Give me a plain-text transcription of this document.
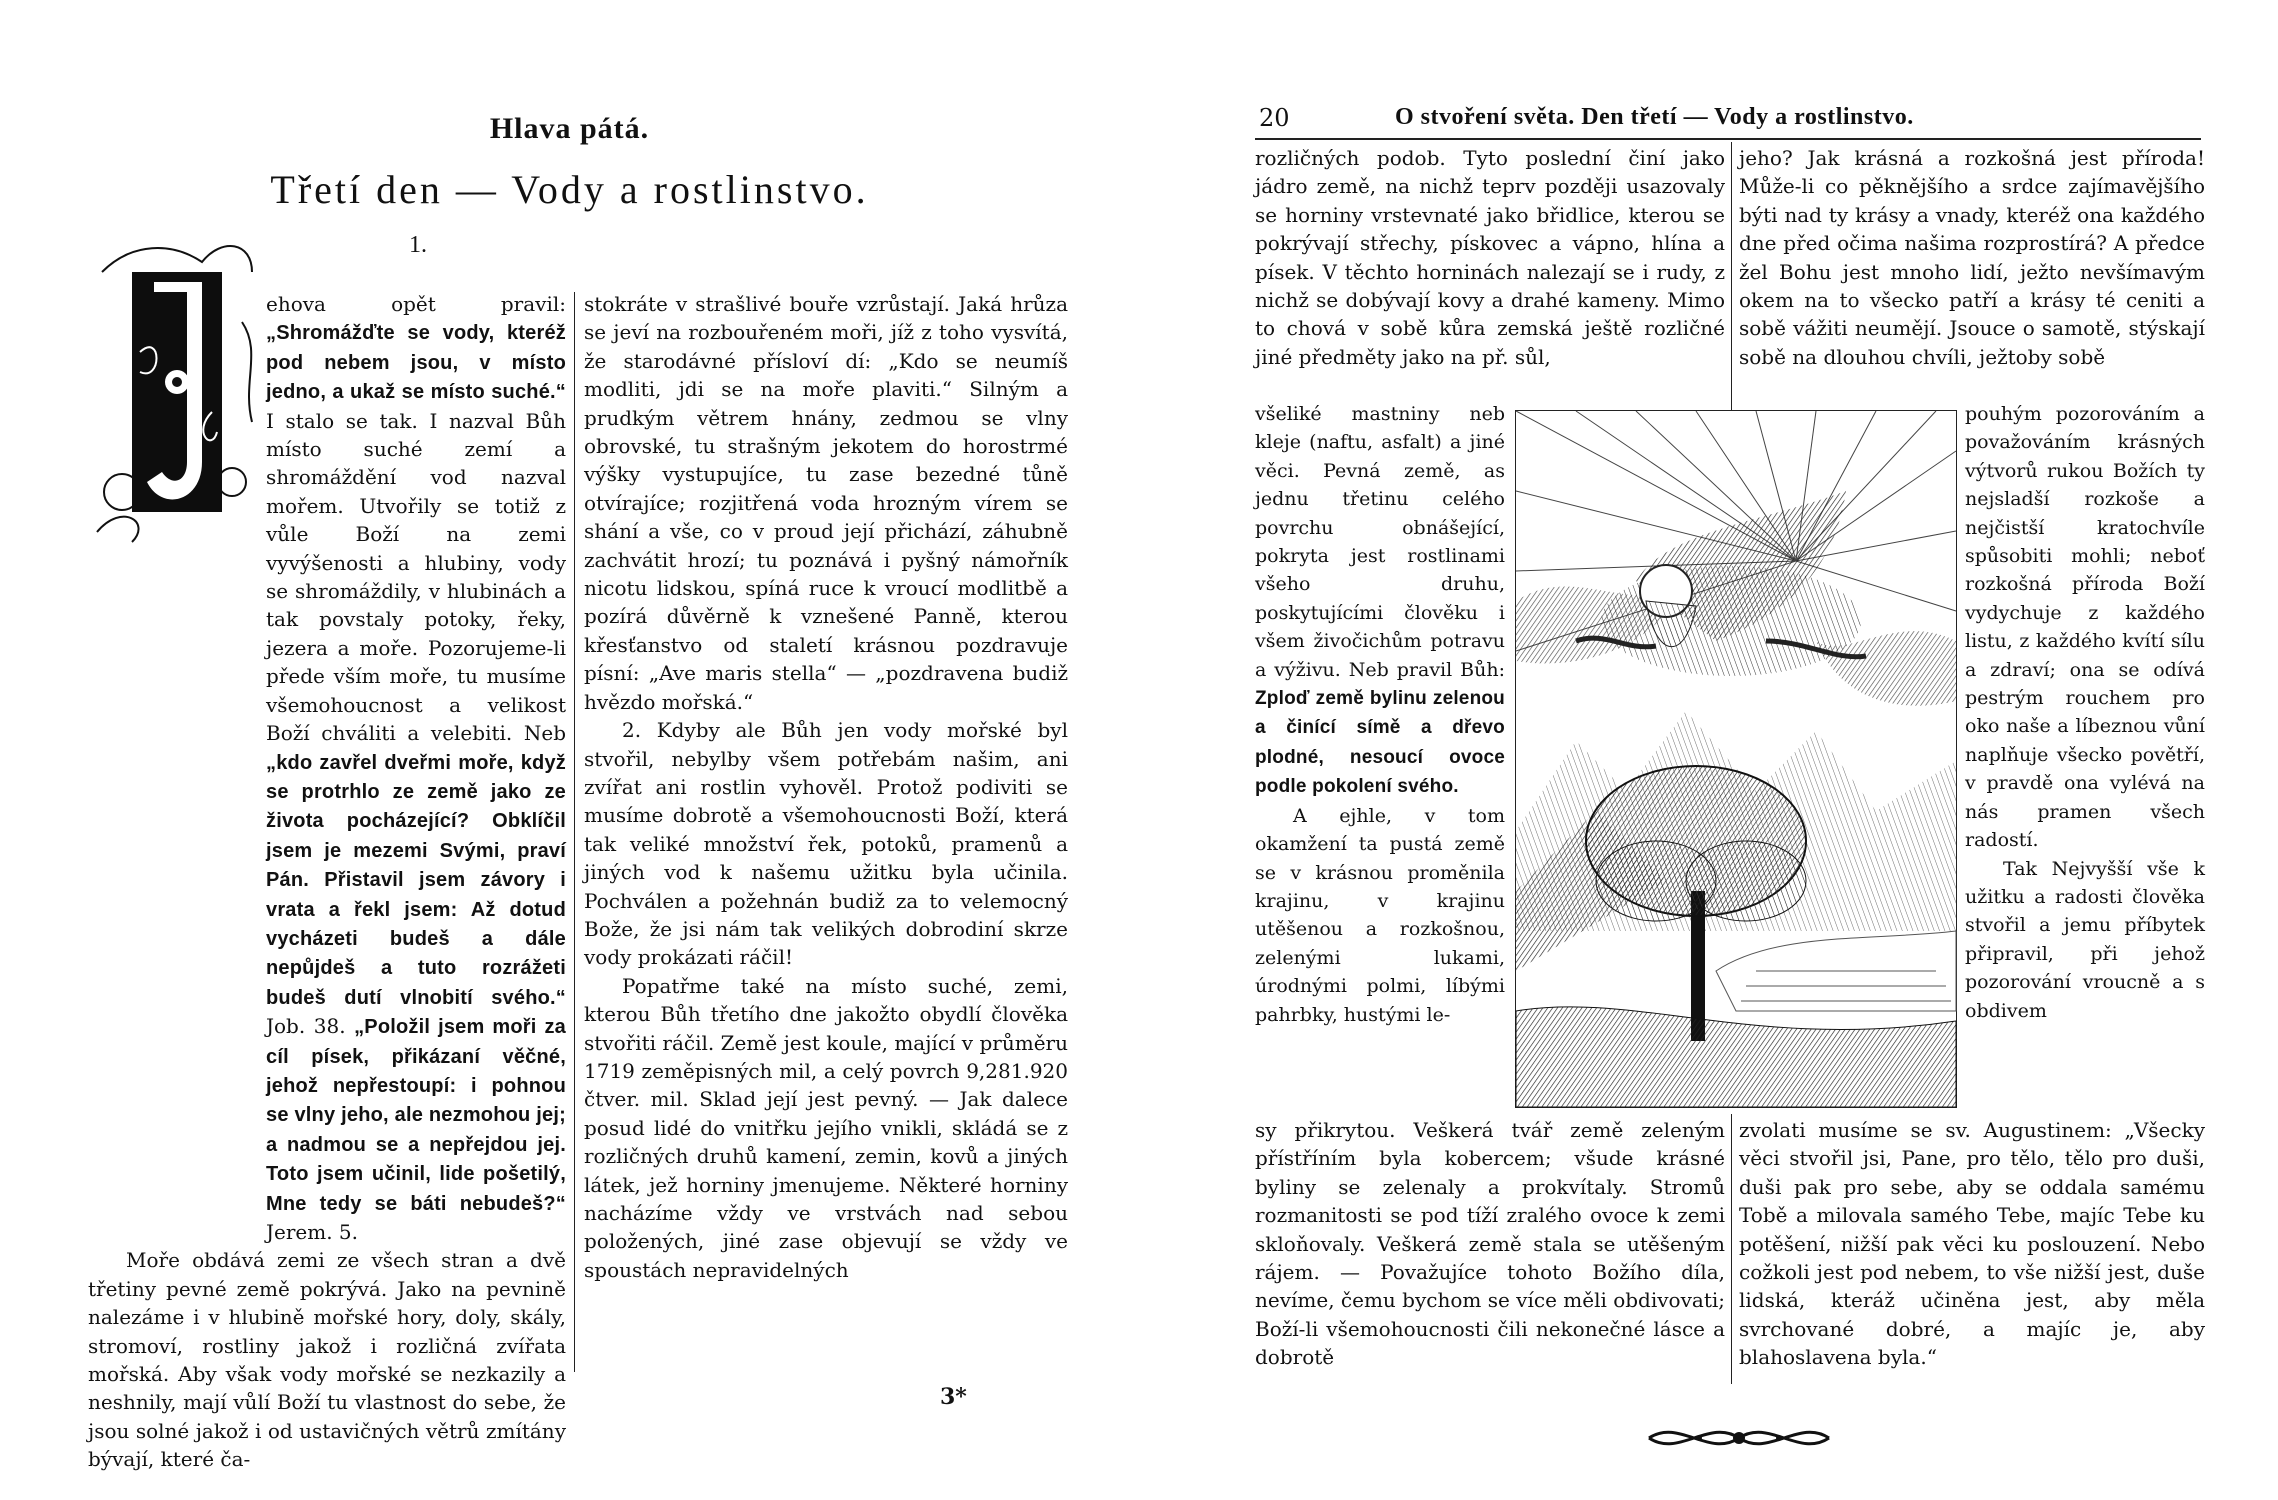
Hlava pátá.
Třetí den — Vody a rostlinstvo.
1.

ehova opět pravil: „Shromážďte se vody, kteréž pod nebem jsou, v místo jedno, a ukaž se místo suché.“ I stalo se tak. I nazval Bůh místo suché zemí a shromáždění vod nazval mořem. Utvořily se totiž z vůle Boží na zemi vyvýšenosti a hlubiny, vody se shromáždily, v hlubinách a tak povstaly potoky, řeky, jezera a moře. Pozorujeme-li přede vším moře, tu musíme všemohoucnost a velikost Boží chváliti a velebiti. Neb „kdo zavřel dveřmi moře, když se protrhlo ze země jako ze života pocházející? Obklíčil jsem je mezemi Svými, praví Pán. Přistavil jsem závory i vrata a řekl jsem: Až dotud vycházeti budeš a dále nepůjdeš a tuto rozrážeti budeš dutí vlnobití svého.“ Job. 38. „Položil jsem moři za cíl písek, přikázaní věčné, jehož nepřestoupí: i pohnou se vlny jeho, ale nezmohou jej; a nadmou se a nepřejdou jej. Toto jsem učinil, lide pošetilý, Mne tedy se báti nebudeš?“ Jerem. 5.

Moře obdává zemi ze všech stran a dvě třetiny pevné země pokrývá. Jako na pevnině nalezáme i v hlubině mořské hory, doly, skály, stromoví, rostliny jakož i rozličná zvířata mořská. Aby však vody mořské se nezkazily a neshnily, mají vůlí Boží tu vlastnost do sebe, že jsou solné jakož i od ustavičných větrů zmítány bývají, které ča-

stokráte v strašlivé bouře vzrůstají. Jaká hrůza se jeví na rozbouřeném moři, jíž z toho vysvítá, že starodávné přísloví dí: „Kdo se neumíš modliti, jdi se na moře plaviti.“ Silným a prudkým větrem hnány, zedmou se vlny obrovské, tu strašným jekotem do horostrmé výšky vystupujíce, tu zase bezedné tůně otvírajíce; rozjitřená voda hrozným vírem se shání a vše, co v proud její přichází, záhubně zachvátit hrozí; tu poznává i pyšný námořník nicotu lidskou, spíná ruce k vroucí modlitbě a pozírá důvěrně k vznešené Panně, kterou křesťanstvo od staletí krásnou pozdravuje písní: „Ave maris stella“ — „pozdravena budiž hvězdo mořská.“

2. Kdyby ale Bůh jen vody mořské byl stvořil, nebylby všem potřebám našim, ani zvířat ani rostlin vyhověl. Protož podiviti se musíme dobrotě a všemohoucnosti Boží, která tak veliké množství řek, potoků, pramenů a jiných vod k našemu užitku byla učinila. Pochválen a požehnán budiž za to velemocný Bože, že jsi nám tak velikých dobrodiní skrze vody prokázati ráčil!

Popatřme také na místo suché, zemi, kterou Bůh třetího dne jakožto obydlí člověka stvořiti ráčil. Země jest koule, mající v průměru 1719 zeměpisných mil, a celý povrch 9,281.920 čtver. mil. Sklad její jest pevný. — Jak dalece posud lidé do vnitřku jejího vnikli, skládá se z rozličných druhů kamení, zemin, kovů a jiných látek, jež horniny jmenujeme. Některé horniny nacházíme vždy ve vrstvách nad sebou položených, jiné zase objevují se vždy ve spoustách nepravidelných

3*
20	O stvoření světa. Den třetí — Vody a rostlinstvo.

rozličných podob. Tyto poslední činí jako jádro země, na nichž teprv později usazovaly se horniny vrstevnaté jako břidlice, kterou se pokrývají střechy, pískovec a vápno, hlína a písek. V těchto horninách nalezají se i rudy, z nichž se dobývají kovy a drahé kameny. Mimo to chová v sobě kůra zemská ještě rozličné jiné předměty jako na př. sůl,

všeliké mastniny neb kleje (naftu, asfalt) a jiné věci. Pevná země, as jednu třetinu celého povrchu obnášející, pokryta jest rostlinami všeho druhu, poskytujícími člověku i všem živočichům potravu a výživu. Neb pravil Bůh: Zploď země bylinu zelenou a činící símě a dřevo plodné, nesoucí ovoce podle pokolení svého.

A ejhle, v tom okamžení ta pustá země se v krásnou proměnila krajinu, v krajinu utěšenou a rozkošnou, zelenými lukami, úrodnými polmi, líbými pahrbky, hustými le-

sy přikrytou. Veškerá tvář země zeleným přístříním byla kobercem; všude krásné byliny se zelenaly a prokvítaly. Stromů rozmanitosti se pod tíží zralého ovoce k zemi skloňovaly. Veškerá země stala se utěšeným rájem. — Považujíce tohoto Božího díla, nevíme, čemu bychom se více měli obdivovati; Boží-li všemohoucnosti čili nekonečné lásce a dobrotě

jeho? Jak krásná a rozkošná jest příroda! Může-li co pěknějšího a srdce zajímavějšího býti nad ty krásy a vnady, kteréž ona každého dne před očima našima rozprostírá? A předce žel Bohu jest mnoho lidí, ježto nevšímavým okem na to všecko patří a krásy té ceniti a sobě vážiti neumějí. Jsouce o samotě, stýskají sobě na dlouhou chvíli, ježtoby sobě

pouhým pozorováním a považováním krásných výtvorů rukou Božích ty nejsladší rozkoše a nejčistší kratochvíle spůsobiti mohli; neboť rozkošná příroda Boží vydychuje z každého listu, z každého kvítí sílu a zdraví; ona se odívá pestrým rouchem pro oko naše a líbeznou vůní naplňuje všecko povětří, v pravdě ona vylévá na nás pramen všech radostí.

Tak Nejvyšší vše k užitku a radosti člověka stvořil a jemu příbytek připravil, při jehož pozorování vroucně a s obdivem

zvolati musíme se sv. Augustinem: „Všecky věci stvořil jsi, Pane, pro tělo, tělo pro duši, duši pak pro sebe, aby se oddala samému Tobě a milovala samého Tebe, majíc Tebe ku potěšení, nižší pak věci ku poslouzení. Nebo cožkoli jest pod nebem, to vše nižší jest, duše lidská, kteráž učiněna jest, aby měla svrchované dobré, a majíc je, aby blahoslavena byla.“
